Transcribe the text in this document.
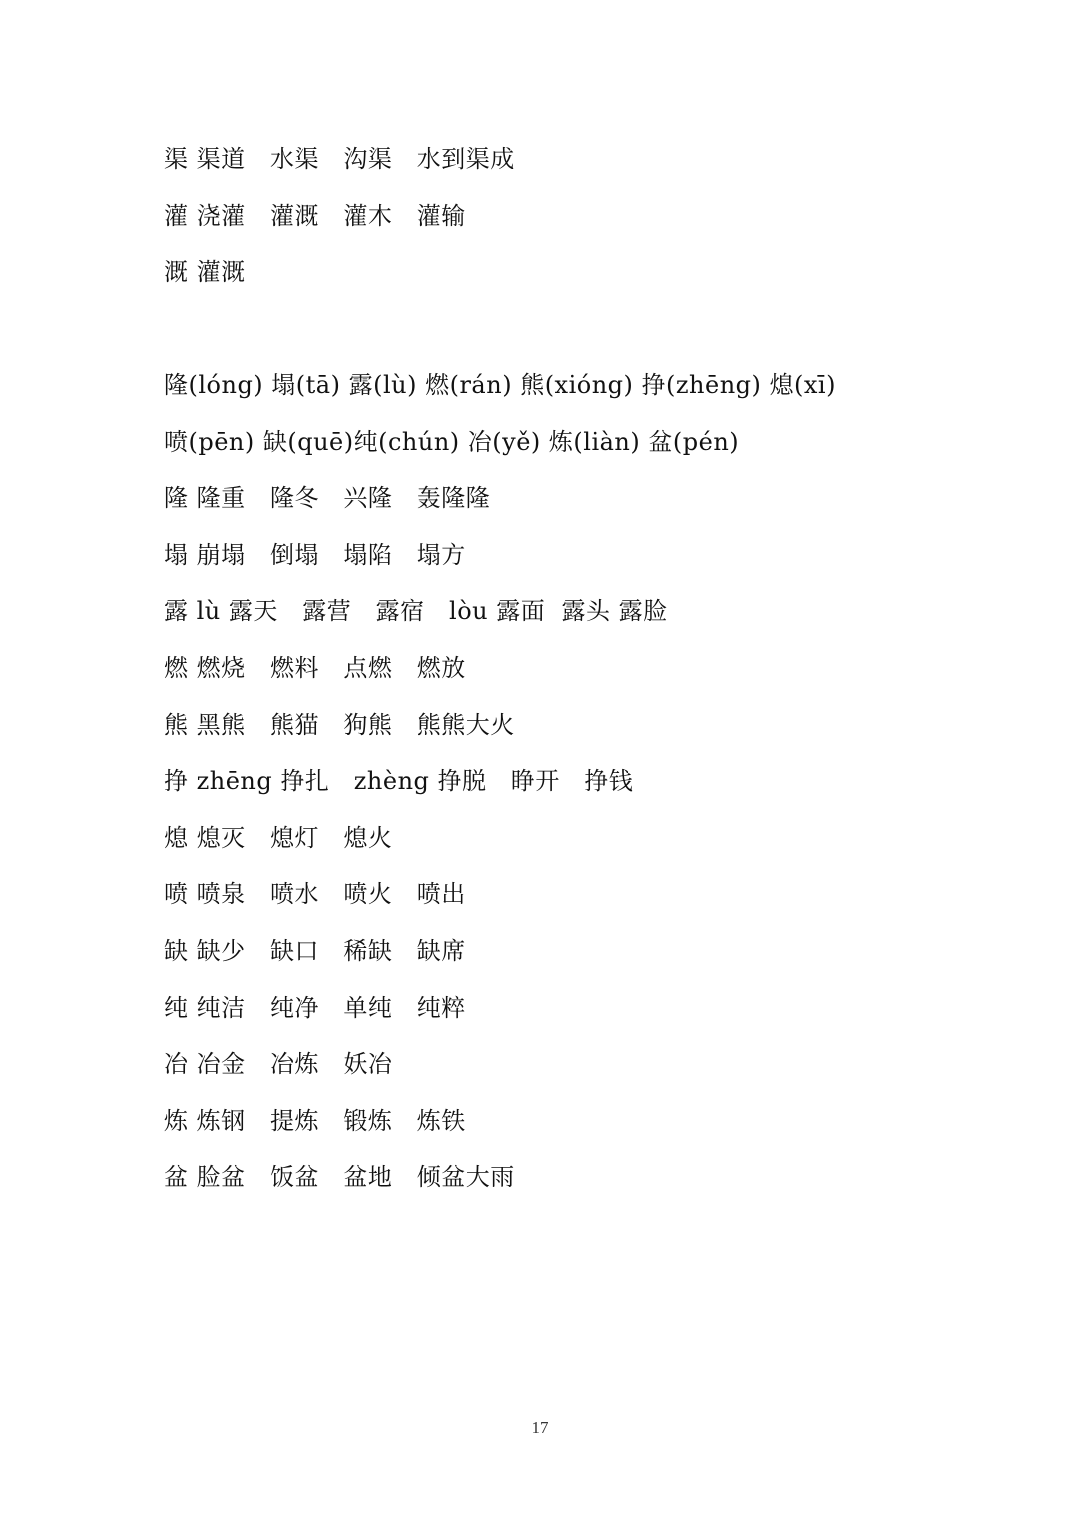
渠 渠道   水渠   沟渠   水到渠成
灌 浇灌   灌溉   灌木   灌输
溉 灌溉
隆(lóng) 塌(tā) 露(lù) 燃(rán) 熊(xióng) 挣(zhēng) 熄(xī)
喷(pēn) 缺(quē)纯(chún) 冶(yě) 炼(liàn) 盆(pén)
隆 隆重   隆冬   兴隆   轰隆隆
塌 崩塌   倒塌   塌陷   塌方
露 lù 露天   露营   露宿   lòu 露面  露头 露脸
燃 燃烧   燃料   点燃   燃放
熊 黑熊   熊猫   狗熊   熊熊大火
挣 zhēng 挣扎   zhèng 挣脱   睁开   挣钱
熄 熄灭   熄灯   熄火
喷 喷泉   喷水   喷火   喷出
缺 缺少   缺口   稀缺   缺席
纯 纯洁   纯净   单纯   纯粹
冶 冶金   冶炼   妖冶
炼 炼钢   提炼   锻炼   炼铁
盆 脸盆   饭盆   盆地   倾盆大雨
17
